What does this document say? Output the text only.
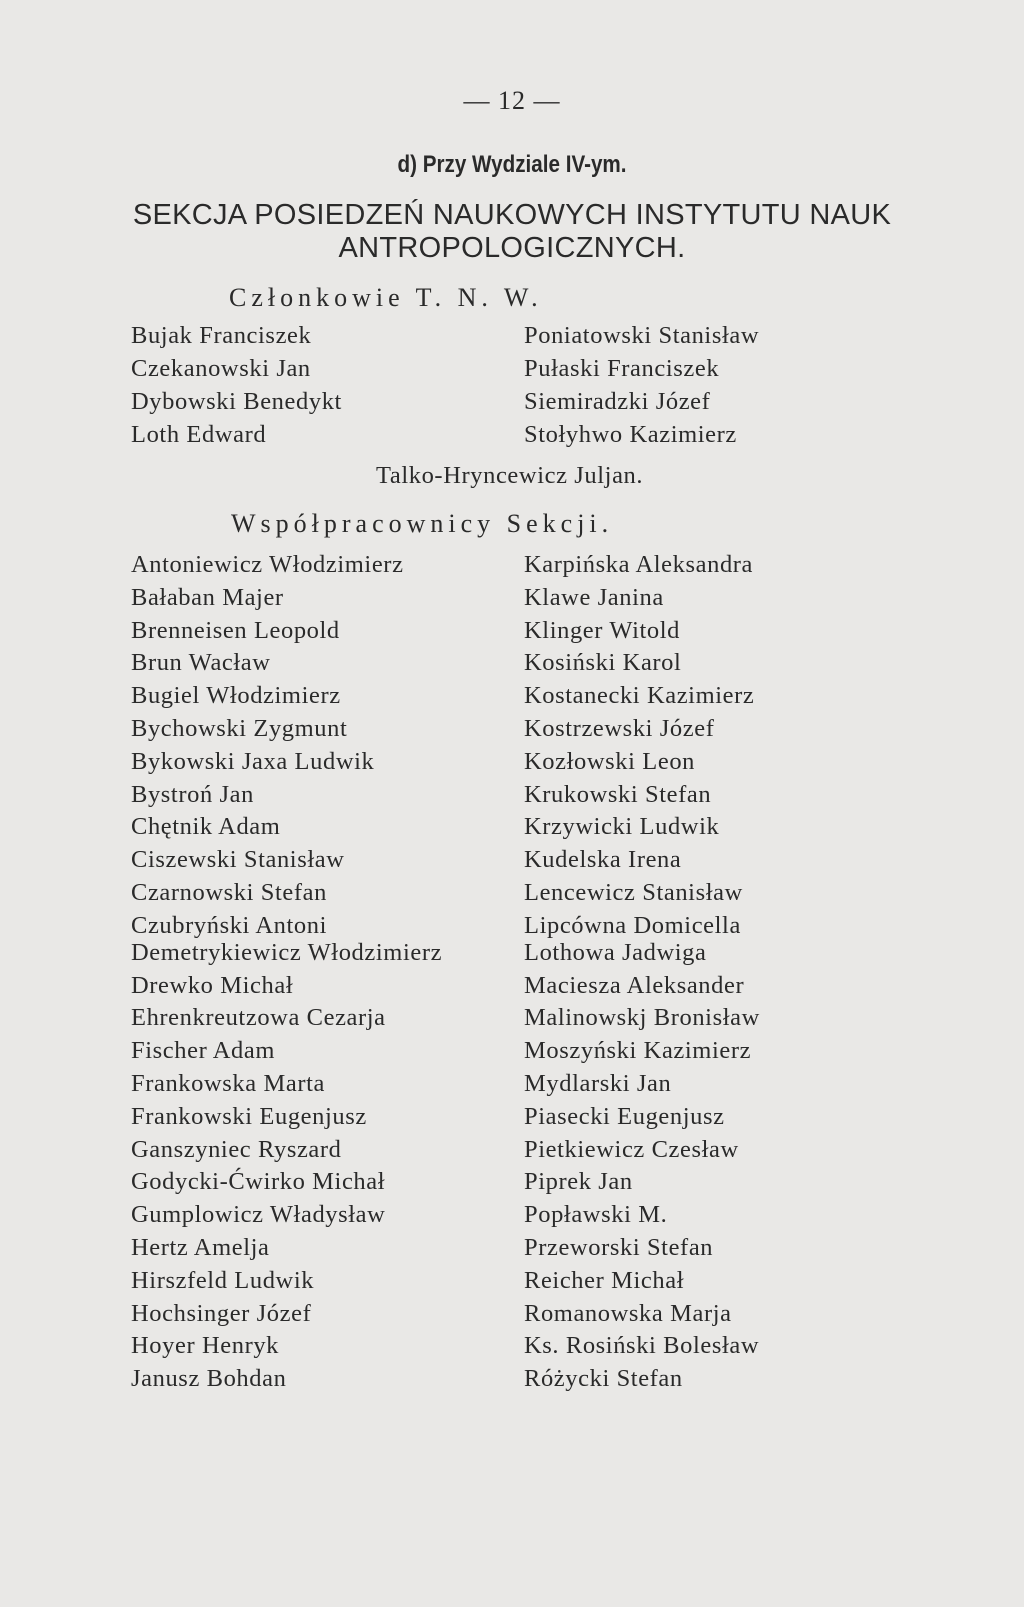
— 12 —
d) Przy Wydziale IV-ym.
SEKCJA POSIEDZEŃ NAUKOWYCH INSTYTUTU NAUK
ANTROPOLOGICZNYCH.
Członkowie T. N. W.
Bujak Franciszek
Czekanowski Jan
Dybowski Benedykt
Loth Edward
Poniatowski Stanisław
Pułaski Franciszek
Siemiradzki Józef
Stołyhwo Kazimierz
Talko-Hryncewicz Juljan.
Współpracownicy Sekcji.
Antoniewicz Włodzimierz
Bałaban Majer
Brenneisen Leopold
Brun Wacław
Bugiel Włodzimierz
Bychowski Zygmunt
Bykowski Jaxa Ludwik
Bystroń Jan
Chętnik Adam
Ciszewski Stanisław
Czarnowski Stefan
Czubryński Antoni
Demetrykiewicz Włodzimierz
Drewko Michał
Ehrenkreutzowa Cezarja
Fischer Adam
Frankowska Marta
Frankowski Eugenjusz
Ganszyniec Ryszard
Godycki-Ćwirko Michał
Gumplowicz Władysław
Hertz Amelja
Hirszfeld Ludwik
Hochsinger Józef
Hoyer Henryk
Janusz Bohdan
Karpińska Aleksandra
Klawe Janina
Klinger Witold
Kosiński Karol
Kostanecki Kazimierz
Kostrzewski Józef
Kozłowski Leon
Krukowski Stefan
Krzywicki Ludwik
Kudelska Irena
Lencewicz Stanisław
Lipcówna Domicella
Lothowa Jadwiga
Maciesza Aleksander
Malinowskj Bronisław
Moszyński Kazimierz
Mydlarski Jan
Piasecki Eugenjusz
Pietkiewicz Czesław
Piprek Jan
Popławski M.
Przeworski Stefan
Reicher Michał
Romanowska Marja
Ks. Rosiński Bolesław
Różycki Stefan
